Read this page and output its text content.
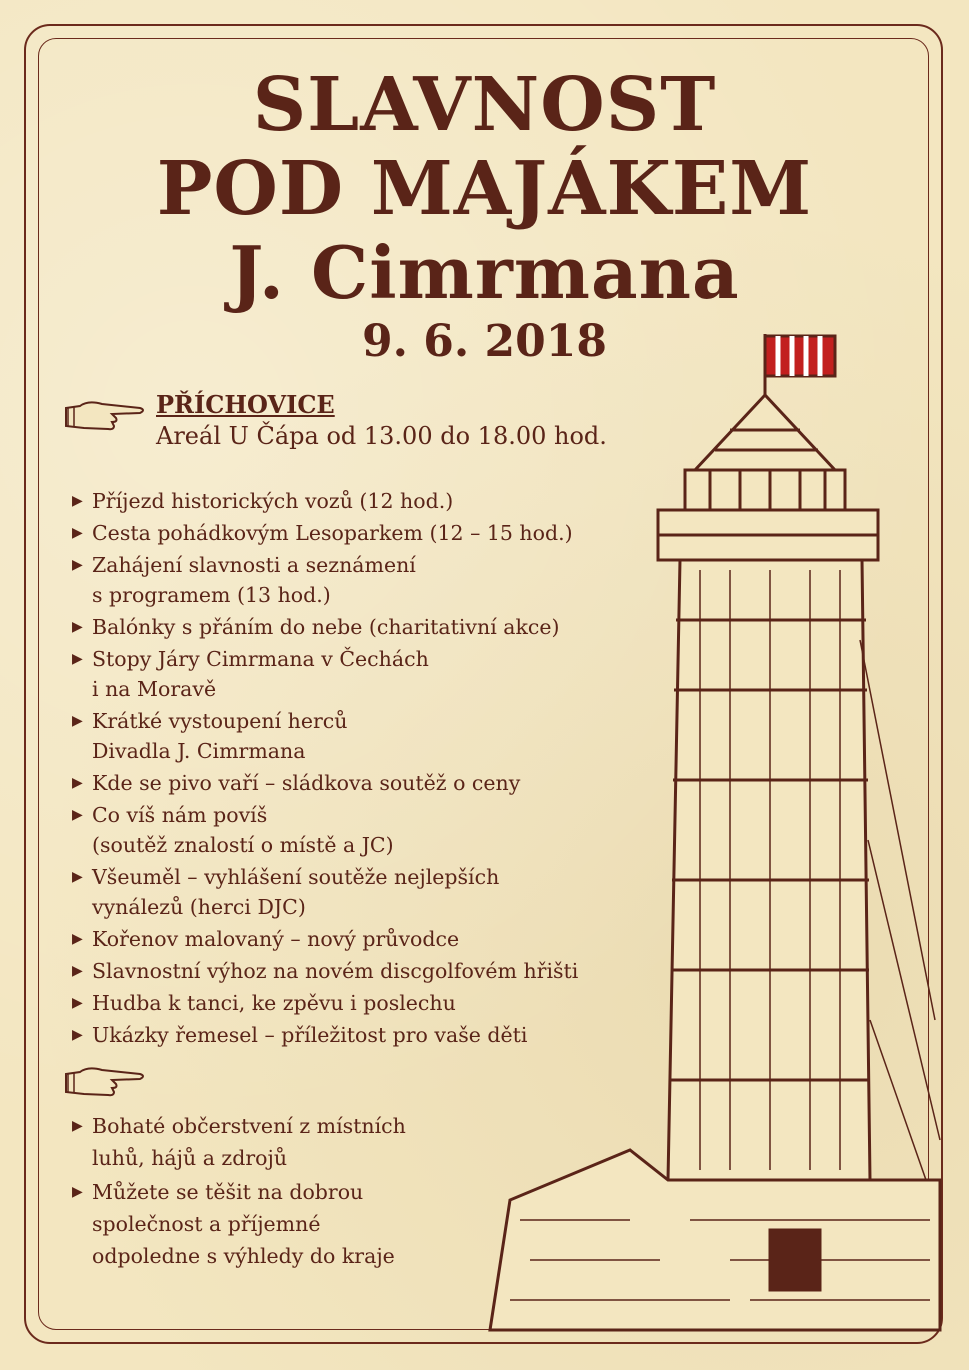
SLAVNOST
POD MAJÁKEM
J. Cimrmana
9. 6. 2018
PŘÍCHOVICE
Areál U Čápa od 13.00 do 18.00 hod.
▶ Příjezd historických vozů (12 hod.)
▶ Cesta pohádkovým Lesoparkem (12 – 15 hod.)
▶ Zahájení slavnosti a seznámení
s programem (13 hod.)
▶ Balónky s přáním do nebe (charitativní akce)
▶ Stopy Járy Cimrmana v Čechách
i na Moravě
▶ Krátké vystoupení herců
Divadla J. Cimrmana
▶ Kde se pivo vaří – sládkova soutěž o ceny
▶ Co víš nám povíš
(soutěž znalostí o místě a JC)
▶ Všeuměl – vyhlášení soutěže nejlepších
vynálezů (herci DJC)
▶ Kořenov malovaný – nový průvodce
▶ Slavnostní výhoz na novém discgolfovém hřišti
▶ Hudba k tanci, ke zpěvu i poslechu
▶ Ukázky řemesel – příležitost pro vaše děti
▶ Bohaté občerstvení z místních
luhů, hájů a zdrojů
▶ Můžete se těšit na dobrou
společnost a příjemné
odpoledne s výhledy do kraje
